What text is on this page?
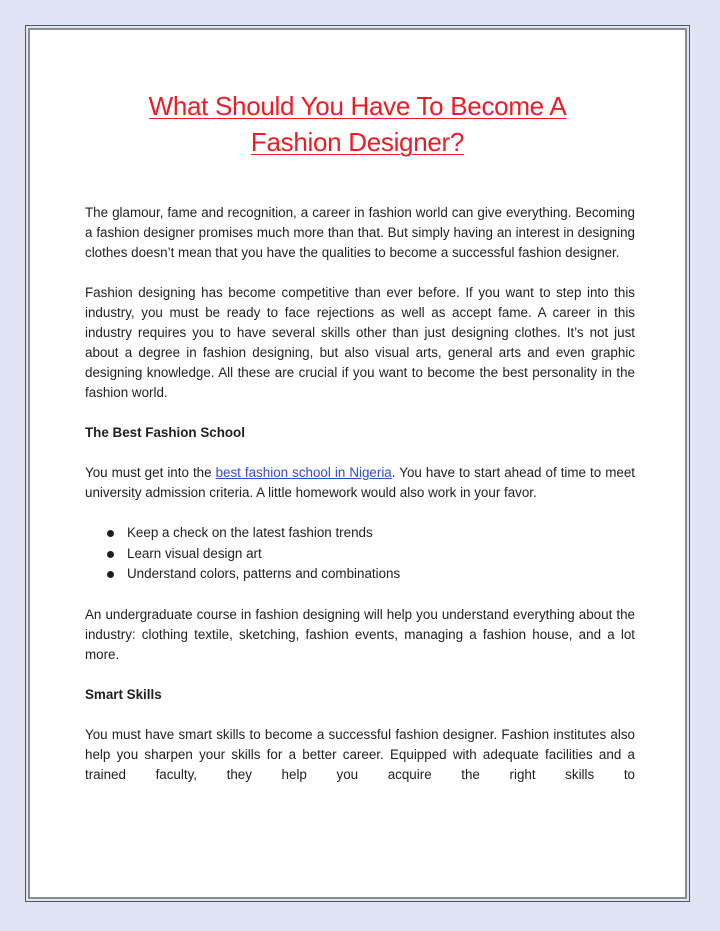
What Should You Have To Become A
Fashion Designer?

The glamour, fame and recognition, a career in fashion world can give everything. Becoming a fashion designer promises much more than that. But simply having an interest in designing clothes doesn’t mean that you have the qualities to become a successful fashion designer.

Fashion designing has become competitive than ever before. If you want to step into this industry, you must be ready to face rejections as well as accept fame. A career in this industry requires you to have several skills other than just designing clothes. It’s not just about a degree in fashion designing, but also visual arts, general arts and even graphic designing knowledge. All these are crucial if you want to become the best personality in the fashion world.

The Best Fashion School

You must get into the best fashion school in Nigeria. You have to start ahead of time to meet university admission criteria. A little homework would also work in your favor.

Keep a check on the latest fashion trends
Learn visual design art
Understand colors, patterns and combinations

An undergraduate course in fashion designing will help you understand everything about the industry: clothing textile, sketching, fashion events, managing a fashion house, and a lot more.

Smart Skills

You must have smart skills to become a successful fashion designer. Fashion institutes also help you sharpen your skills for a better career. Equipped with adequate facilities and a trained faculty, they help you acquire the right skills to
